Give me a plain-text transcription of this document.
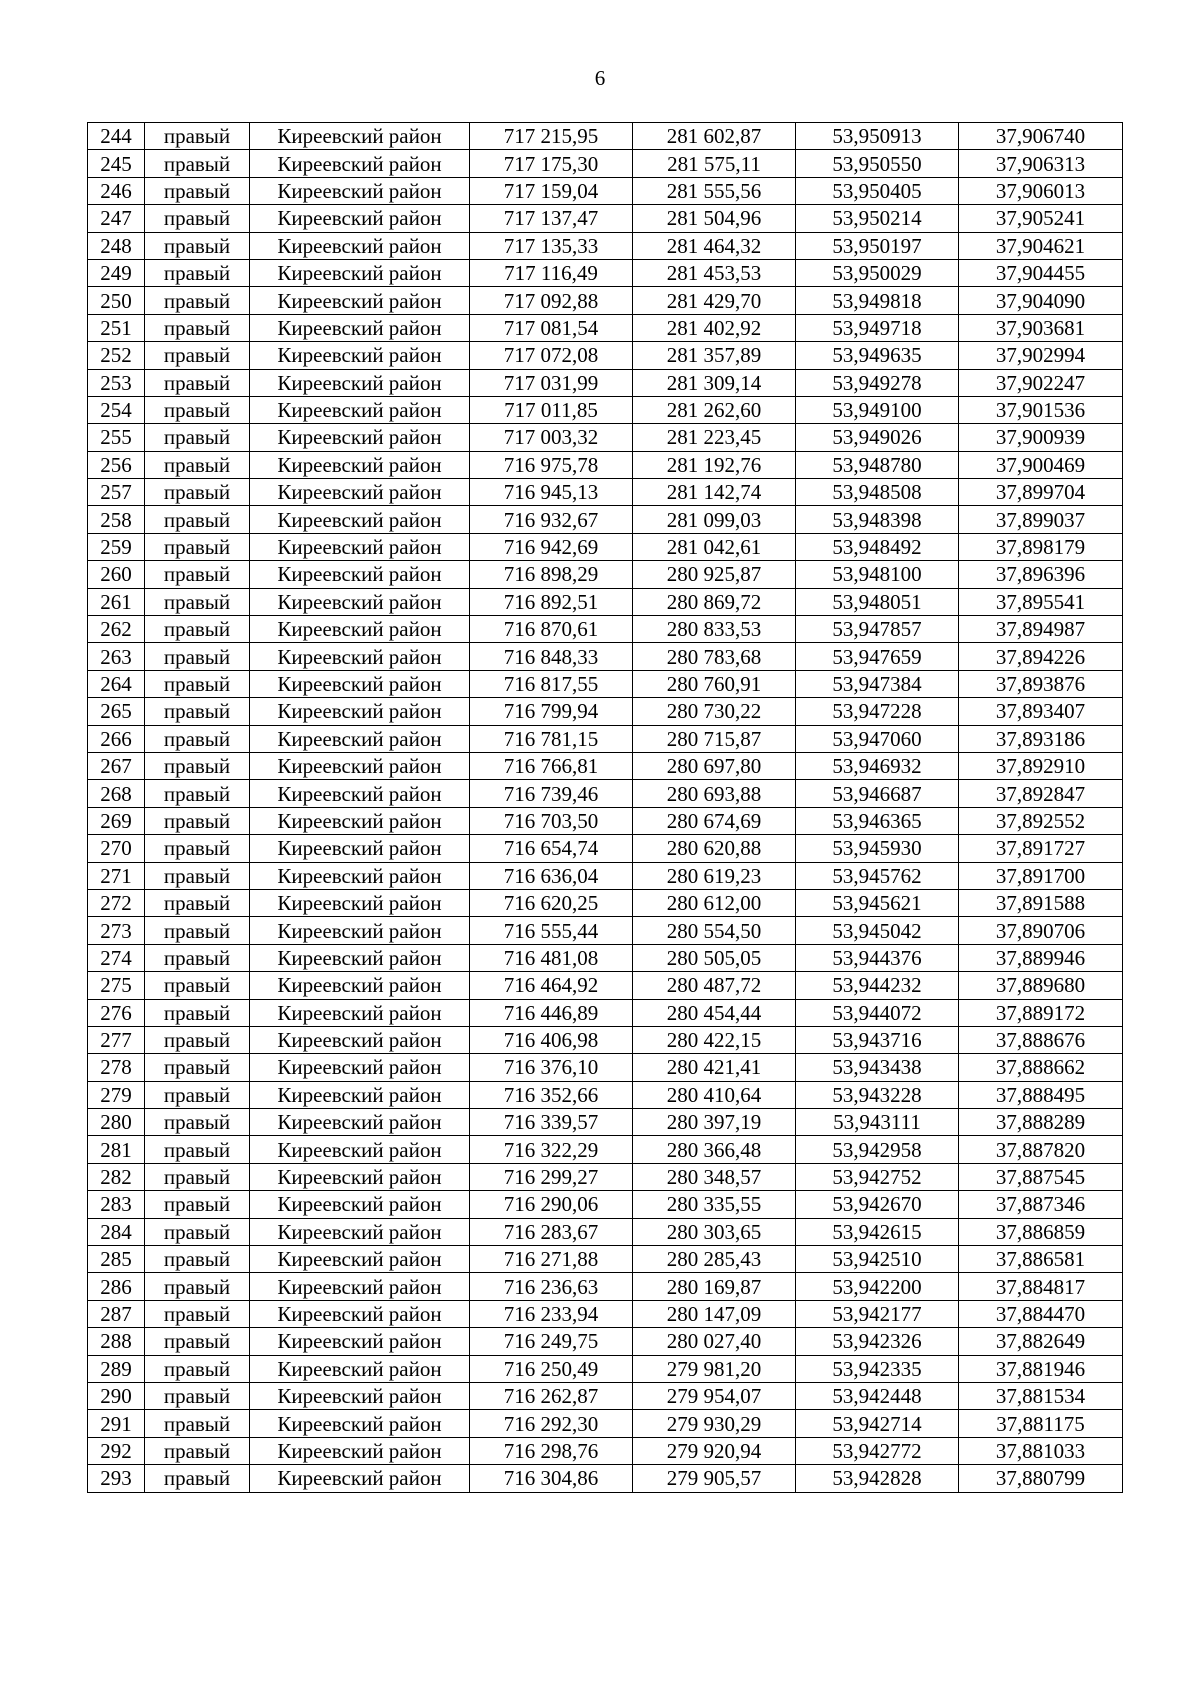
6
244	правый	Киреевский район	717 215,95	281 602,87	53,950913	37,906740
245	правый	Киреевский район	717 175,30	281 575,11	53,950550	37,906313
246	правый	Киреевский район	717 159,04	281 555,56	53,950405	37,906013
247	правый	Киреевский район	717 137,47	281 504,96	53,950214	37,905241
248	правый	Киреевский район	717 135,33	281 464,32	53,950197	37,904621
249	правый	Киреевский район	717 116,49	281 453,53	53,950029	37,904455
250	правый	Киреевский район	717 092,88	281 429,70	53,949818	37,904090
251	правый	Киреевский район	717 081,54	281 402,92	53,949718	37,903681
252	правый	Киреевский район	717 072,08	281 357,89	53,949635	37,902994
253	правый	Киреевский район	717 031,99	281 309,14	53,949278	37,902247
254	правый	Киреевский район	717 011,85	281 262,60	53,949100	37,901536
255	правый	Киреевский район	717 003,32	281 223,45	53,949026	37,900939
256	правый	Киреевский район	716 975,78	281 192,76	53,948780	37,900469
257	правый	Киреевский район	716 945,13	281 142,74	53,948508	37,899704
258	правый	Киреевский район	716 932,67	281 099,03	53,948398	37,899037
259	правый	Киреевский район	716 942,69	281 042,61	53,948492	37,898179
260	правый	Киреевский район	716 898,29	280 925,87	53,948100	37,896396
261	правый	Киреевский район	716 892,51	280 869,72	53,948051	37,895541
262	правый	Киреевский район	716 870,61	280 833,53	53,947857	37,894987
263	правый	Киреевский район	716 848,33	280 783,68	53,947659	37,894226
264	правый	Киреевский район	716 817,55	280 760,91	53,947384	37,893876
265	правый	Киреевский район	716 799,94	280 730,22	53,947228	37,893407
266	правый	Киреевский район	716 781,15	280 715,87	53,947060	37,893186
267	правый	Киреевский район	716 766,81	280 697,80	53,946932	37,892910
268	правый	Киреевский район	716 739,46	280 693,88	53,946687	37,892847
269	правый	Киреевский район	716 703,50	280 674,69	53,946365	37,892552
270	правый	Киреевский район	716 654,74	280 620,88	53,945930	37,891727
271	правый	Киреевский район	716 636,04	280 619,23	53,945762	37,891700
272	правый	Киреевский район	716 620,25	280 612,00	53,945621	37,891588
273	правый	Киреевский район	716 555,44	280 554,50	53,945042	37,890706
274	правый	Киреевский район	716 481,08	280 505,05	53,944376	37,889946
275	правый	Киреевский район	716 464,92	280 487,72	53,944232	37,889680
276	правый	Киреевский район	716 446,89	280 454,44	53,944072	37,889172
277	правый	Киреевский район	716 406,98	280 422,15	53,943716	37,888676
278	правый	Киреевский район	716 376,10	280 421,41	53,943438	37,888662
279	правый	Киреевский район	716 352,66	280 410,64	53,943228	37,888495
280	правый	Киреевский район	716 339,57	280 397,19	53,943111	37,888289
281	правый	Киреевский район	716 322,29	280 366,48	53,942958	37,887820
282	правый	Киреевский район	716 299,27	280 348,57	53,942752	37,887545
283	правый	Киреевский район	716 290,06	280 335,55	53,942670	37,887346
284	правый	Киреевский район	716 283,67	280 303,65	53,942615	37,886859
285	правый	Киреевский район	716 271,88	280 285,43	53,942510	37,886581
286	правый	Киреевский район	716 236,63	280 169,87	53,942200	37,884817
287	правый	Киреевский район	716 233,94	280 147,09	53,942177	37,884470
288	правый	Киреевский район	716 249,75	280 027,40	53,942326	37,882649
289	правый	Киреевский район	716 250,49	279 981,20	53,942335	37,881946
290	правый	Киреевский район	716 262,87	279 954,07	53,942448	37,881534
291	правый	Киреевский район	716 292,30	279 930,29	53,942714	37,881175
292	правый	Киреевский район	716 298,76	279 920,94	53,942772	37,881033
293	правый	Киреевский район	716 304,86	279 905,57	53,942828	37,880799
